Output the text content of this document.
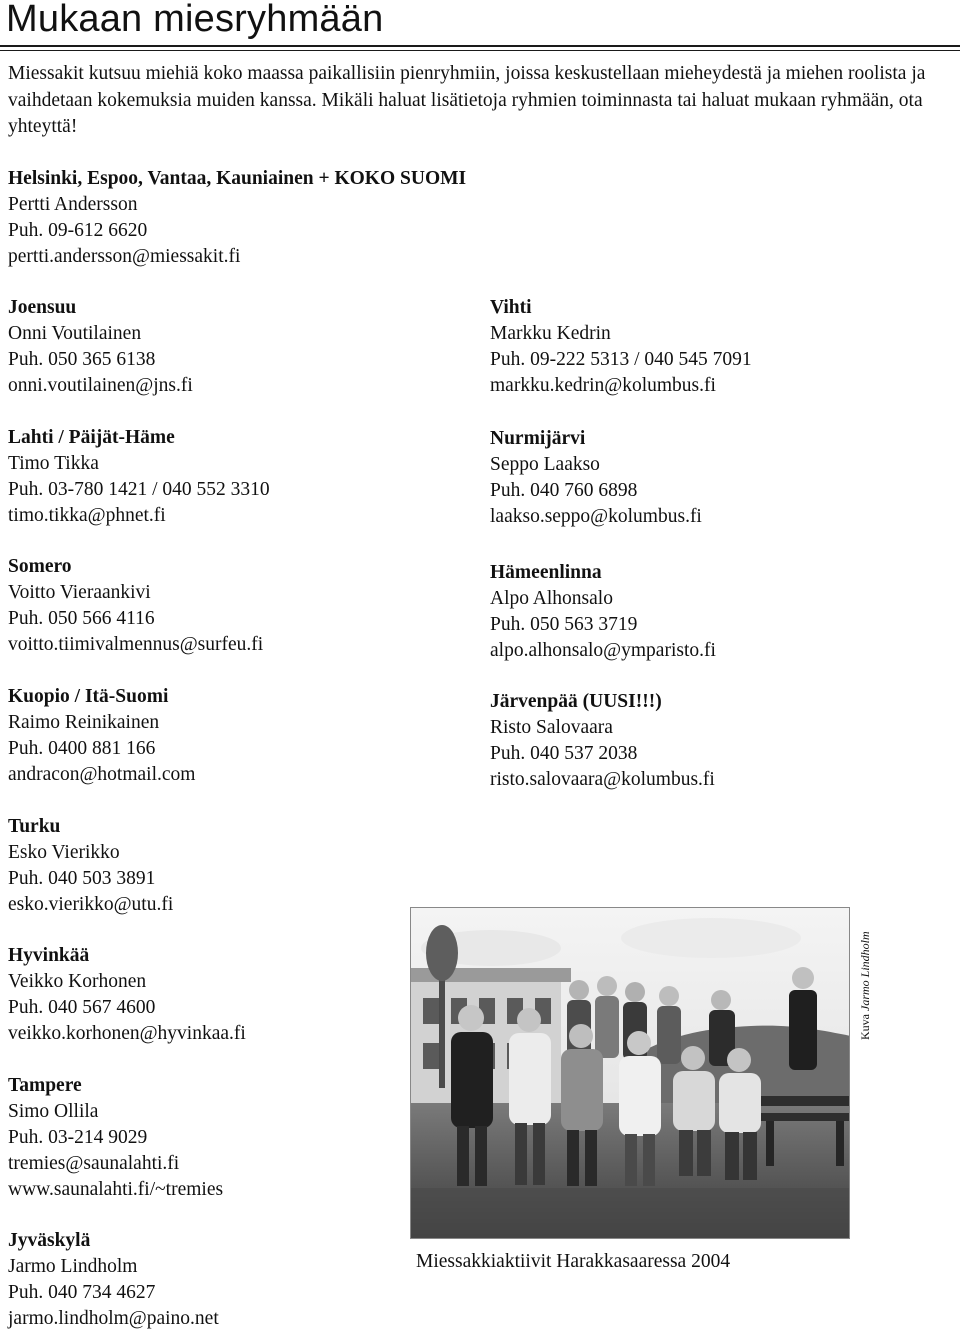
Mukaan miesryhmään

Miessakit kutsuu miehiä koko maassa paikallisiin pienryhmiin, joissa keskustellaan mieheydestä ja miehen roolista ja vaihdetaan kokemuksia muiden kanssa. Mikäli haluat lisätietoja ryhmien toiminnasta tai haluat mukaan ryhmään, ota yhteyttä!

Helsinki, Espoo, Vantaa, Kauniainen + KOKO SUOMI
Pertti Andersson
Puh. 09-612 6620
pertti.andersson@miessakit.fi
Joensuu
Onni Voutilainen
Puh. 050 365 6138
onni.voutilainen@jns.fi
Lahti / Päijät-Häme
Timo Tikka
Puh. 03-780 1421 / 040 552 3310
timo.tikka@phnet.fi
Somero
Voitto Vieraankivi
Puh. 050 566 4116
voitto.tiimivalmennus@surfeu.fi
Kuopio / Itä-Suomi
Raimo Reinikainen
Puh. 0400 881 166
andracon@hotmail.com
Turku
Esko Vierikko
Puh. 040 503 3891
esko.vierikko@utu.fi
Hyvinkää
Veikko Korhonen
Puh. 040 567 4600
veikko.korhonen@hyvinkaa.fi
Tampere
Simo Ollila
Puh. 03-214 9029
tremies@saunalahti.fi
www.saunalahti.fi/~tremies
Jyväskylä
Jarmo Lindholm
Puh. 040 734 4627
jarmo.lindholm@paino.net
Vihti
Markku Kedrin
Puh. 09-222 5313 / 040 545 7091
markku.kedrin@kolumbus.fi
Nurmijärvi
Seppo Laakso
Puh. 040 760 6898
laakso.seppo@kolumbus.fi
Hämeenlinna
Alpo Alhonsalo
Puh. 050 563 3719
alpo.alhonsalo@ymparisto.fi
Järvenpää (UUSI!!!)
Risto Salovaara
Puh. 040 537 2038
risto.salovaara@kolumbus.fi
Kuva Jarmo Lindholm
Miessakkiaktiivit Harakkasaaressa 2004
